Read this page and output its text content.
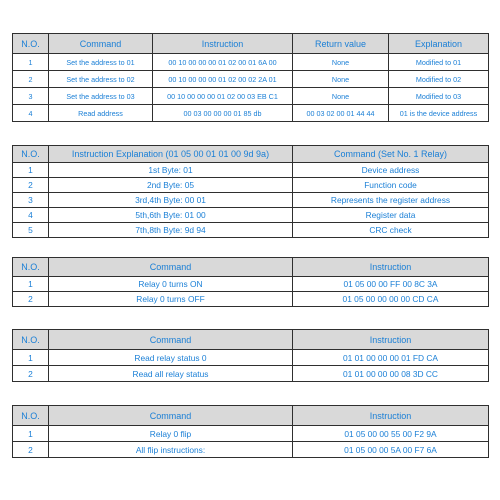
N.O.	Command	Instruction	Return value	Explanation
1	Set the address to 01	00 10 00 00 00 01 02 00 01 6A 00	None	Modified to 01
2	Set the address to 02	00 10 00 00 00 01 02 00 02 2A 01	None	Modified to 02
3	Set the address to 03	00 10 00 00 00 01 02 00 03 EB C1	None	Modified to 03
4	Read address	00 03 00 00 00 01 85 db	00 03 02 00 01 44 44	01 is the device address
N.O.	Instruction Explanation (01 05 00 01 01 00 9d 9a)	Command (Set No. 1 Relay)
1	1st Byte: 01	Device address
2	2nd Byte: 05	Function code
3	3rd,4th Byte: 00 01	Represents the register address
4	5th,6th Byte: 01 00	Register data
5	7th,8th Byte: 9d 94	CRC check
N.O.	Command	Instruction
1	Relay 0 turns ON	01 05 00 00 FF 00 8C 3A
2	Relay 0 turns OFF	01 05 00 00 00 00 CD CA
N.O.	Command	Instruction
1	Read relay status 0	01 01 00 00 00 01 FD CA
2	Read all relay status	01 01 00 00 00 08 3D CC
N.O.	Command	Instruction
1	Relay 0 flip	01 05 00 00 55 00 F2 9A
2	All flip instructions:	01 05 00 00 5A 00 F7 6A
